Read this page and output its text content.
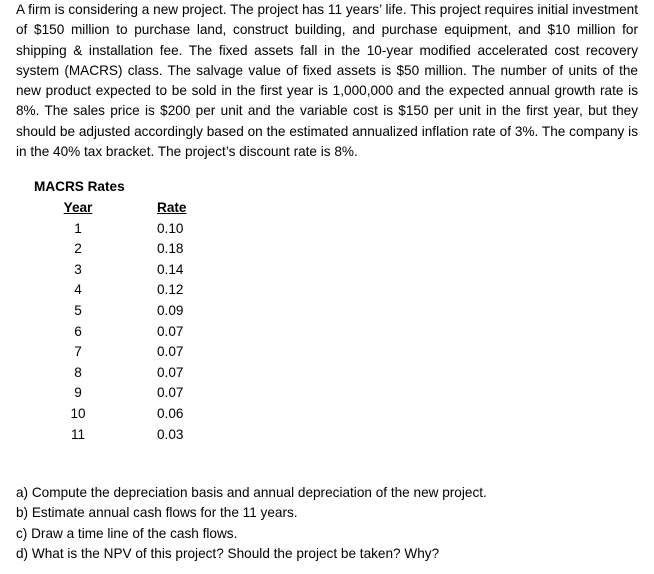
A firm is considering a new project. The project has 11 years’ life. This project requires initial investment of $150 million to purchase land, construct building, and purchase equipment, and $10 million for shipping & installation fee. The fixed assets fall in the 10-year modified accelerated cost recovery system (MACRS) class. The salvage value of fixed assets is $50 million. The number of units of the new product expected to be sold in the first year is 1,000,000 and the expected annual growth rate is 8%. The sales price is $200 per unit and the variable cost is $150 per unit in the first year, but they should be adjusted accordingly based on the estimated annualized inflation rate of 3%. The company is in the 40% tax bracket. The project’s discount rate is 8%.

MACRS Rates
Year		Rate
1		0.10
2		0.18
3		0.14
4		0.12
5		0.09
6		0.07
7		0.07
8		0.07
9		0.07
10		0.06
11		0.03
a) Compute the depreciation basis and annual depreciation of the new project.
b) Estimate annual cash flows for the 11 years.
c) Draw a time line of the cash flows.
d) What is the NPV of this project? Should the project be taken? Why?
